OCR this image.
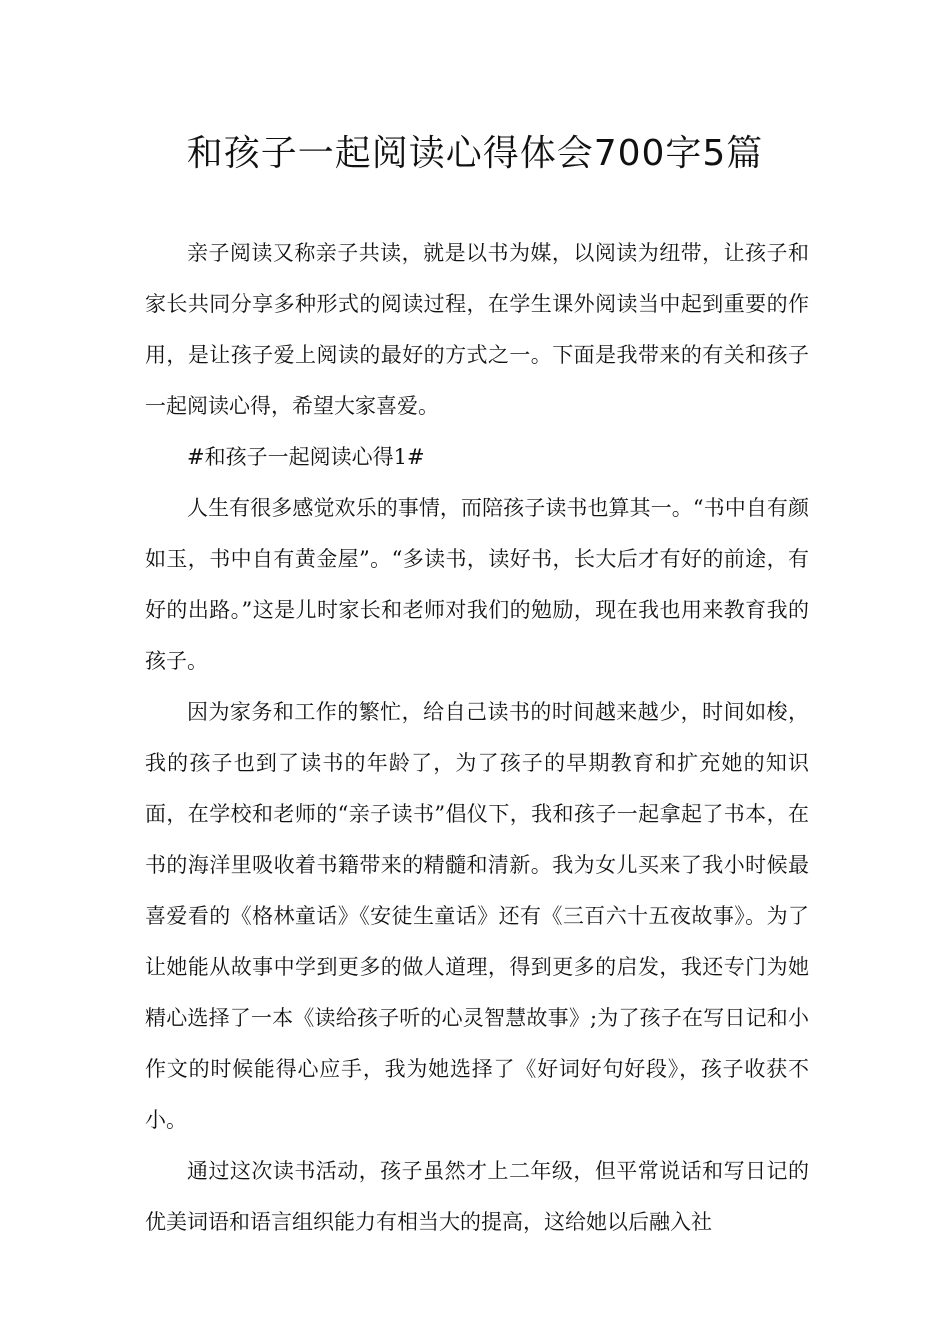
和孩子一起阅读心得体会700字5篇

亲子阅读又称亲子共读，就是以书为媒，以阅读为纽带，让孩子和家长共同分享多种形式的阅读过程，在学生课外阅读当中起到重要的作用，是让孩子爱上阅读的最好的方式之一。下面是我带来的有关和孩子一起阅读心得，希望大家喜爱。

#和孩子一起阅读心得1#

人生有很多感觉欢乐的事情，而陪孩子读书也算其一。“书中自有颜如玉，书中自有黄金屋”。“多读书，读好书，长大后才有好的前途，有好的出路。”这是儿时家长和老师对我们的勉励，现在我也用来教育我的孩子。

因为家务和工作的繁忙，给自己读书的时间越来越少，时间如梭，我的孩子也到了读书的年龄了，为了孩子的早期教育和扩充她的知识面，在学校和老师的“亲子读书”倡仪下，我和孩子一起拿起了书本，在书的海洋里吸收着书籍带来的精髓和清新。我为女儿买来了我小时候最喜爱看的《格林童话》《安徒生童话》还有《三百六十五夜故事》。为了让她能从故事中学到更多的做人道理，得到更多的启发，我还专门为她精心选择了一本《读给孩子听的心灵智慧故事》;为了孩子在写日记和小作文的时候能得心应手，我为她选择了《好词好句好段》，孩子收获不小。

通过这次读书活动，孩子虽然才上二年级，但平常说话和写日记的优美词语和语言组织能力有相当大的提高，这给她以后融入社
